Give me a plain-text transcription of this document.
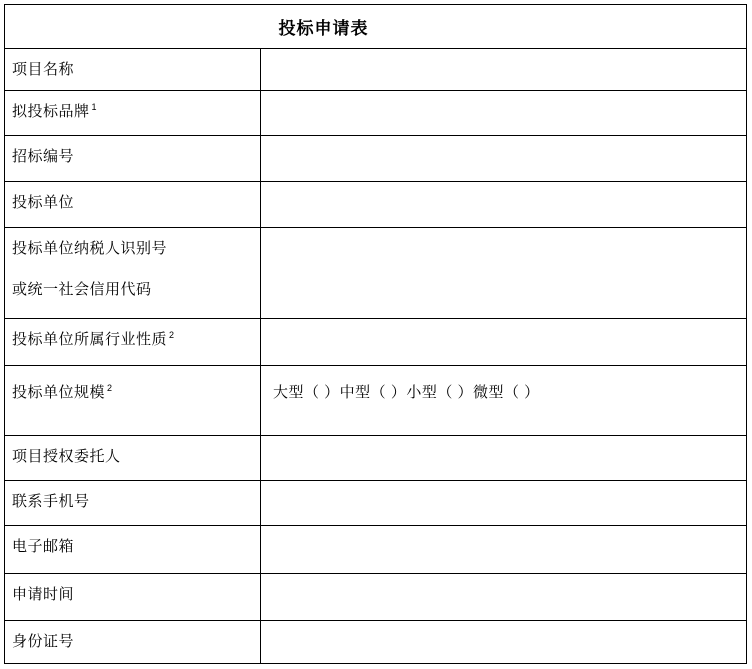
投标申请表	
项目名称	
拟投标品牌 $^1$	
招标编号	
投标单位	

投标单位纳税人识别号
或统一社会信用代码	

投标单位所属行业性质 $^2$	
投标单位规模 $^2$	大型（ ）中型（ ）小型（ ）微型（ ）
项目授权委托人	
联系手机号	
电子邮箱	
申请时间	
身份证号	
